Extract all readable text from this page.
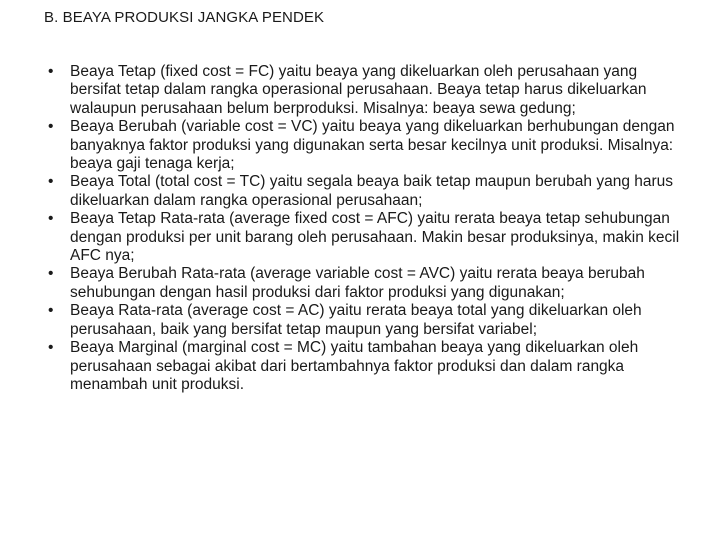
B. BEAYA PRODUKSI JANGKA PENDEK
•	Beaya Tetap (fixed cost = FC) yaitu beaya yang dikeluarkan oleh perusahaan yang bersifat tetap dalam rangka operasional perusahaan. Beaya tetap harus dikeluarkan walaupun perusahaan belum berproduksi. Misalnya: beaya sewa gedung;
•	Beaya Berubah (variable cost = VC) yaitu beaya yang dikeluarkan berhubungan dengan banyaknya faktor produksi yang digunakan serta besar kecilnya unit produksi. Misalnya: beaya gaji tenaga kerja;
•	Beaya Total (total cost = TC) yaitu segala beaya baik tetap maupun berubah yang harus dikeluarkan dalam rangka operasional perusahaan;
•	Beaya Tetap Rata-rata (average fixed cost = AFC) yaitu rerata beaya tetap sehubungan dengan produksi per unit barang oleh perusahaan. Makin besar produksinya, makin kecil AFC nya;
•	Beaya Berubah Rata-rata (average variable cost = AVC) yaitu rerata beaya berubah sehubungan dengan hasil produksi dari faktor produksi yang digunakan;
•	Beaya Rata-rata (average cost = AC) yaitu rerata beaya total yang dikeluarkan oleh perusahaan, baik yang bersifat tetap maupun yang bersifat variabel;
•	Beaya Marginal (marginal cost = MC) yaitu tambahan beaya yang dikeluarkan oleh perusahaan sebagai akibat dari bertambahnya faktor produksi dan dalam rangka menambah unit produksi.
